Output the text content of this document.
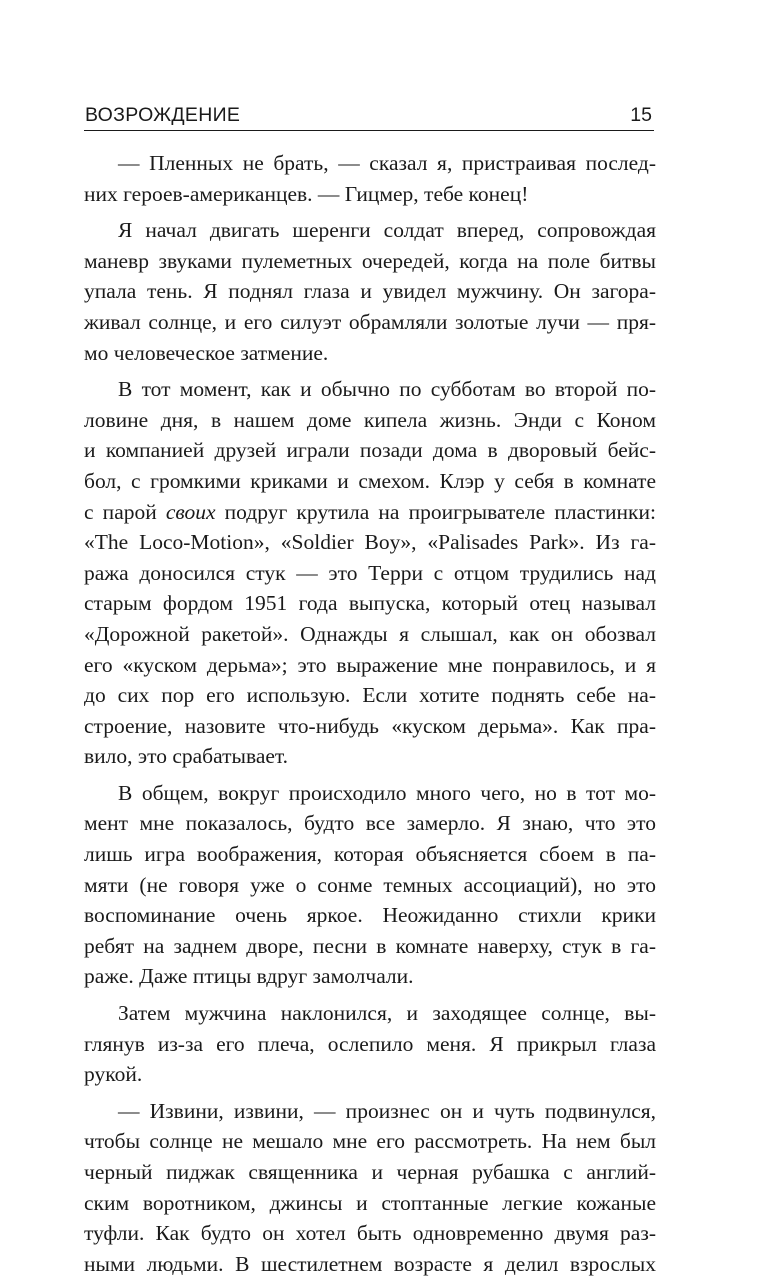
ВОЗРОЖДЕНИЕ	15
— Пленных не брать, — сказал я, пристраивая послед-
них героев-американцев. — Гицмер, тебе конец!
Я начал двигать шеренги солдат вперед, сопровождая
маневр звуками пулеметных очередей, когда на поле битвы
упала тень. Я поднял глаза и увидел мужчину. Он загора-
живал солнце, и его силуэт обрамляли золотые лучи — пря-
мо человеческое затмение.
В тот момент, как и обычно по субботам во второй по-
ловине дня, в нашем доме кипела жизнь. Энди с Коном
и компанией друзей играли позади дома в дворовый бейс-
бол, с громкими криками и смехом. Клэр у себя в комнате
с парой своих подруг крутила на проигрывателе пластинки:
«The Loco-Motion», «Soldier Boy», «Palisades Park». Из га-
ража доносился стук — это Терри с отцом трудились над
старым фордом 1951 года выпуска, который отец называл
«Дорожной ракетой». Однажды я слышал, как он обозвал
его «куском дерьма»; это выражение мне понравилось, и я
до сих пор его использую. Если хотите поднять себе на-
строение, назовите что-нибудь «куском дерьма». Как пра-
вило, это срабатывает.
В общем, вокруг происходило много чего, но в тот мо-
мент мне показалось, будто все замерло. Я знаю, что это
лишь игра воображения, которая объясняется сбоем в па-
мяти (не говоря уже о сонме темных ассоциаций), но это
воспоминание очень яркое. Неожиданно стихли крики
ребят на заднем дворе, песни в комнате наверху, стук в га-
раже. Даже птицы вдруг замолчали.
Затем мужчина наклонился, и заходящее солнце, вы-
глянув из-за его плеча, ослепило меня. Я прикрыл глаза
рукой.
— Извини, извини, — произнес он и чуть подвинулся,
чтобы солнце не мешало мне его рассмотреть. На нем был
черный пиджак священника и черная рубашка с англий-
ским воротником, джинсы и стоптанные легкие кожаные
туфли. Как будто он хотел быть одновременно двумя раз-
ными людьми. В шестилетнем возрасте я делил взрослых
